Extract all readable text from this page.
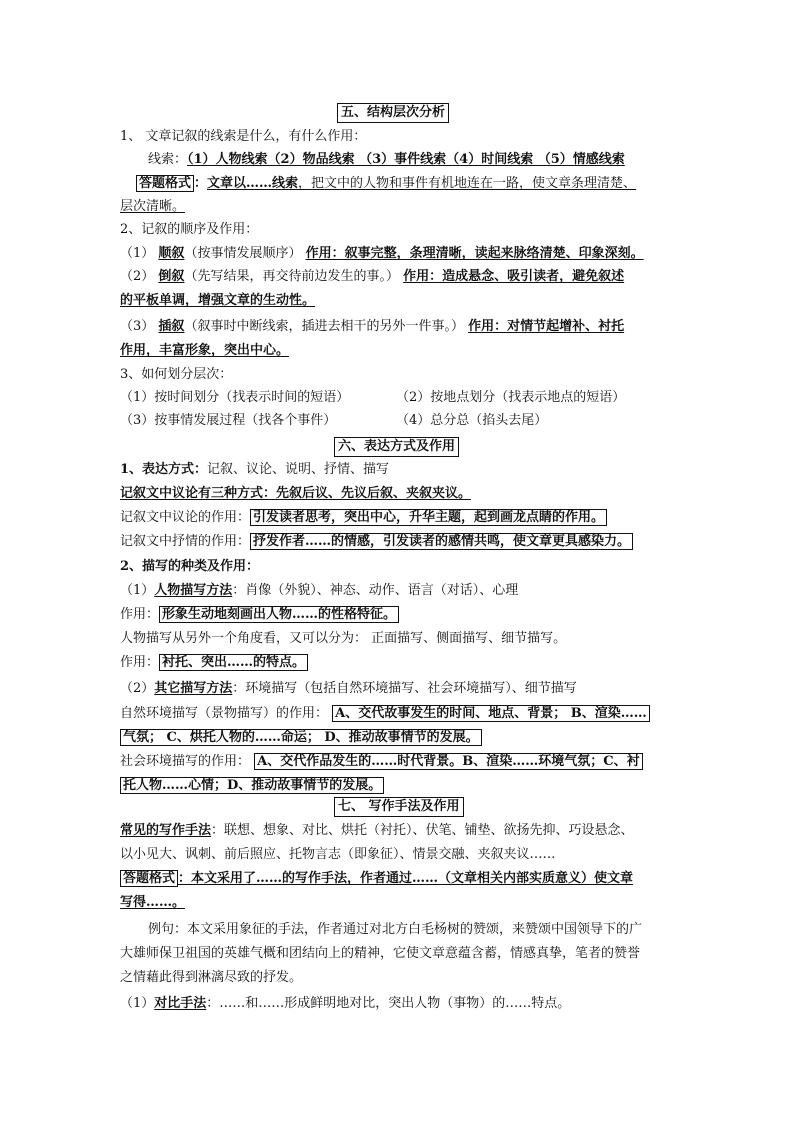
五、结构层次分析
1、 文章记叙的线索是什么，有什么作用：
线索：（1）人物线索（2）物品线索 （3）事件线索（4）时间线索 （5）情感线索
答题格式 ：文章以……线索，把文中的人物和事件有机地连在一路，使文章条理清楚、
层次清晰。
2、记叙的顺序及作用：
（1） 顺叙（按事情发展顺序） 作用：叙事完整，条理清晰，读起来脉络清楚、印象深刻。
（2） 倒叙（先写结果，再交待前边发生的事。） 作用：造成悬念、吸引读者，避免叙述
的平板单调，增强文章的生动性。
（3） 插叙（叙事时中断线索，插进去相干的另外一件事。） 作用：对情节起增补、衬托
作用，丰富形象，突出中心。
3、如何划分层次：
（1）按时间划分（找表示时间的短语）	（2）按地点划分（找表示地点的短语）
（3）按事情发展过程（找各个事件）	（4）总分总（掐头去尾）
六、表达方式及作用
1、表达方式：记叙、议论、说明、抒情、描写
记叙文中议论有三种方式：先叙后议、先议后叙、夹叙夹议。
记叙文中议论的作用： 引发读者思考，突出中心，升华主题，起到画龙点睛的作用。
记叙文中抒情的作用： 抒发作者……的情感，引发读者的感情共鸣，使文章更具感染力。
2、描写的种类及作用：
（1）人物描写方法：肖像（外貌）、神态、动作、语言（对话）、心理
作用： 形象生动地刻画出人物……的性格特征。
人物描写从另外一个角度看，又可以分为： 正面描写、侧面描写、细节描写。
作用： 衬托、突出……的特点。
（2）其它描写方法：环境描写（包括自然环境描写、社会环境描写）、细节描写
自然环境描写（景物描写）的作用： A、交代故事发生的时间、地点、背景； B、渲染……
气氛； C、烘托人物的……命运； D、推动故事情节的发展。
社会环境描写的作用： A、交代作品发生的……时代背景。B、渲染……环境气氛；C、衬
托人物……心情；D、推动故事情节的发展。
七、 写作手法及作用
常见的写作手法：联想、想象、对比、烘托（衬托）、伏笔、铺垫、欲扬先抑、巧设悬念、
以小见大、讽刺、前后照应、托物言志（即象征）、情景交融、夹叙夹议……
答题格式 ：本文采用了……的写作手法，作者通过……（文章相关内部实质意义）使文章
写得……。
例句：本文采用象征的手法，作者通过对北方白毛杨树的赞颂，来赞颂中国领导下的广
大雄师保卫祖国的英雄气概和团结向上的精神，它使文章意蕴含蓄，情感真挚，笔者的赞誉
之情藉此得到淋漓尽致的抒发。
（1）对比手法：……和……形成鲜明地对比，突出人物（事物）的……特点。
